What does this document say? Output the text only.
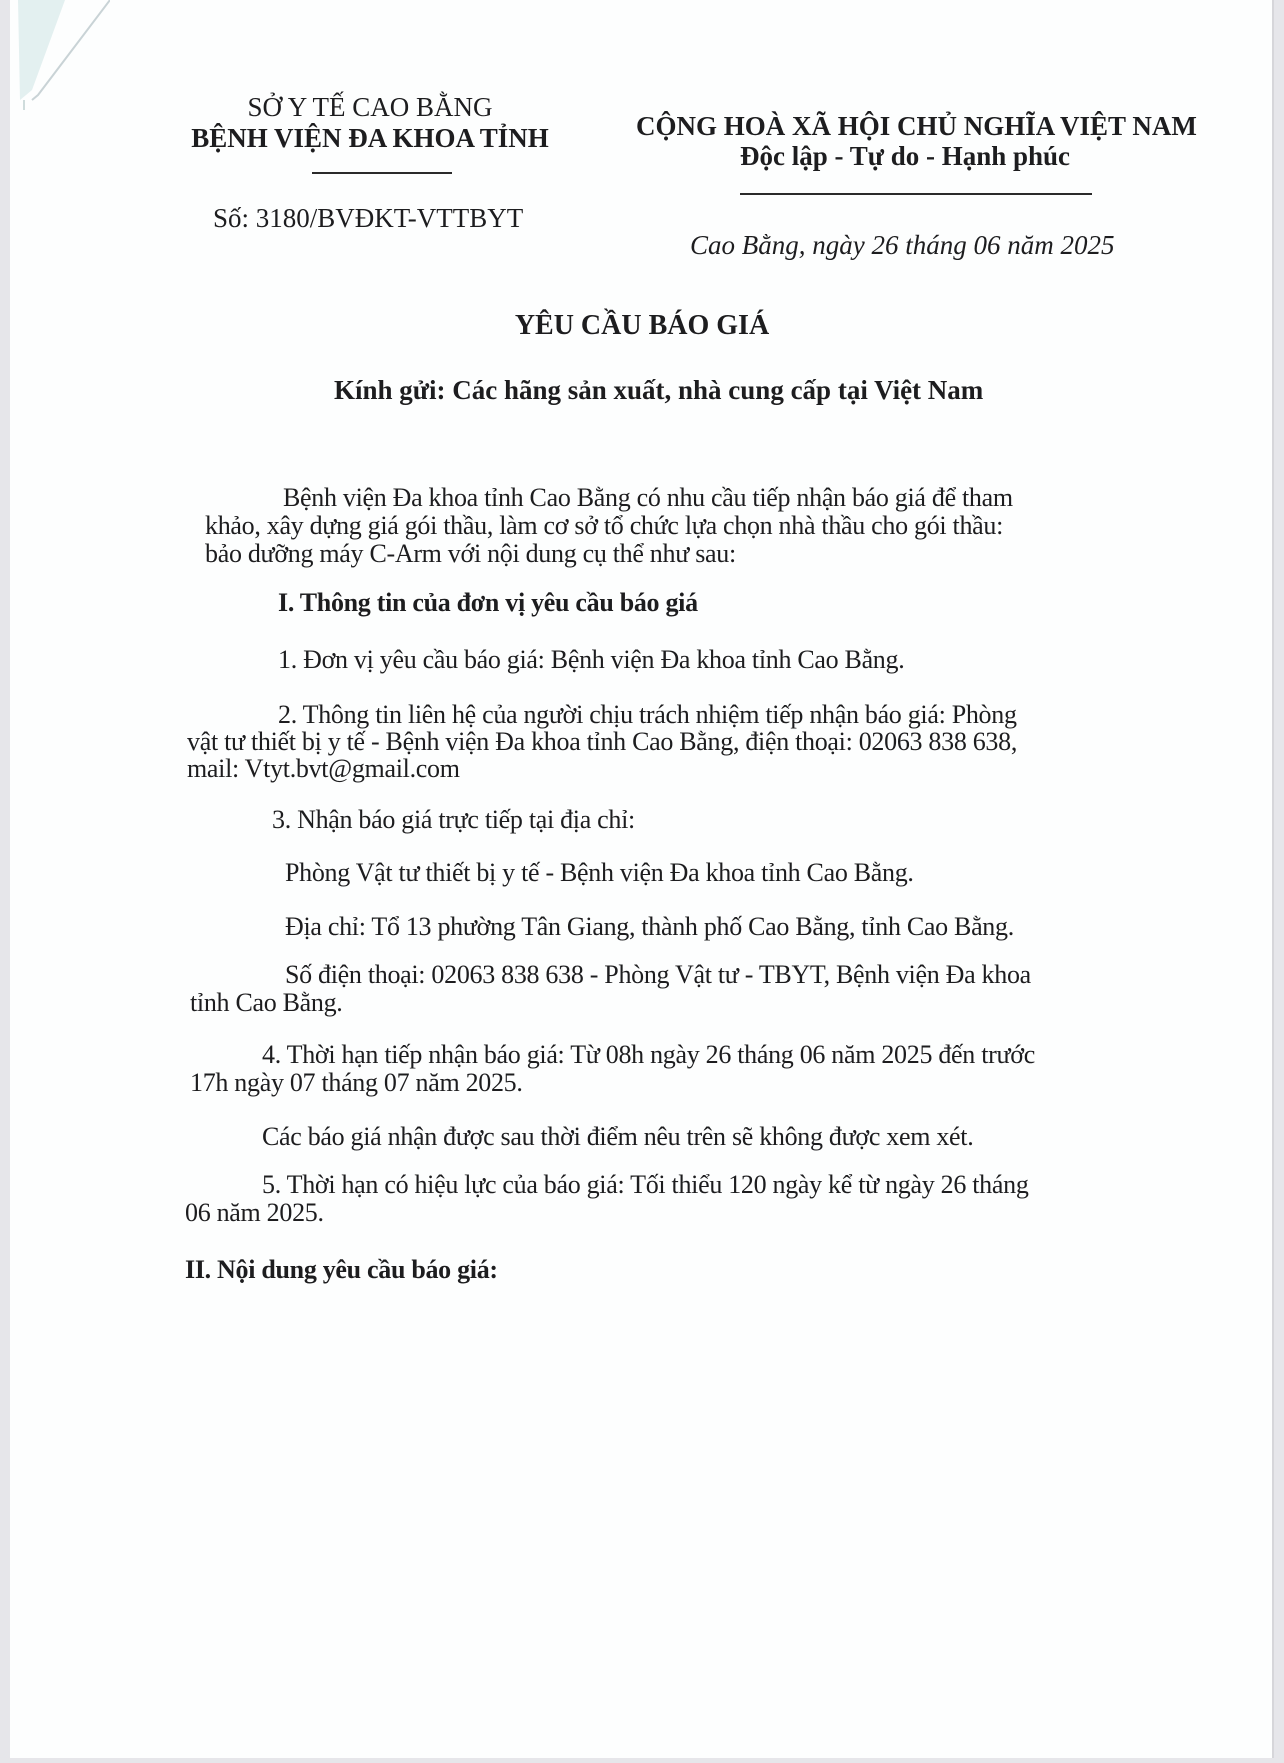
SỞ Y TẾ CAO BẰNG
BỆNH VIỆN ĐA KHOA TỈNH
Số: 3180/BVĐKT-VTTBYT
CỘNG HOÀ XÃ HỘI CHỦ NGHĨA VIỆT NAM
Độc lập - Tự do - Hạnh phúc
Cao Bằng, ngày 26 tháng 06 năm 2025
YÊU CẦU BÁO GIÁ
Kính gửi: Các hãng sản xuất, nhà cung cấp tại Việt Nam
Bệnh viện Đa khoa tỉnh Cao Bằng có nhu cầu tiếp nhận báo giá để tham
khảo, xây dựng giá gói thầu, làm cơ sở tổ chức lựa chọn nhà thầu cho gói thầu:
bảo dưỡng máy C-Arm với nội dung cụ thể như sau:
I. Thông tin của đơn vị yêu cầu báo giá
1. Đơn vị yêu cầu báo giá: Bệnh viện Đa khoa tỉnh Cao Bằng.
2. Thông tin liên hệ của người chịu trách nhiệm tiếp nhận báo giá: Phòng
vật tư thiết bị y tế - Bệnh viện Đa khoa tỉnh Cao Bằng, điện thoại: 02063 838 638,
mail: Vtyt.bvt@gmail.com
3. Nhận báo giá trực tiếp tại địa chỉ:
Phòng Vật tư thiết bị y tế - Bệnh viện Đa khoa tỉnh Cao Bằng.
Địa chỉ: Tổ 13 phường Tân Giang, thành phố Cao Bằng, tỉnh Cao Bằng.
Số điện thoại: 02063 838 638 - Phòng Vật tư - TBYT, Bệnh viện Đa khoa
tỉnh Cao Bằng.
4. Thời hạn tiếp nhận báo giá: Từ 08h ngày 26 tháng 06 năm 2025 đến trước
17h ngày 07 tháng 07 năm 2025.
Các báo giá nhận được sau thời điểm nêu trên sẽ không được xem xét.
5. Thời hạn có hiệu lực của báo giá: Tối thiểu 120 ngày kể từ ngày 26 tháng
06 năm 2025.
II. Nội dung yêu cầu báo giá:
